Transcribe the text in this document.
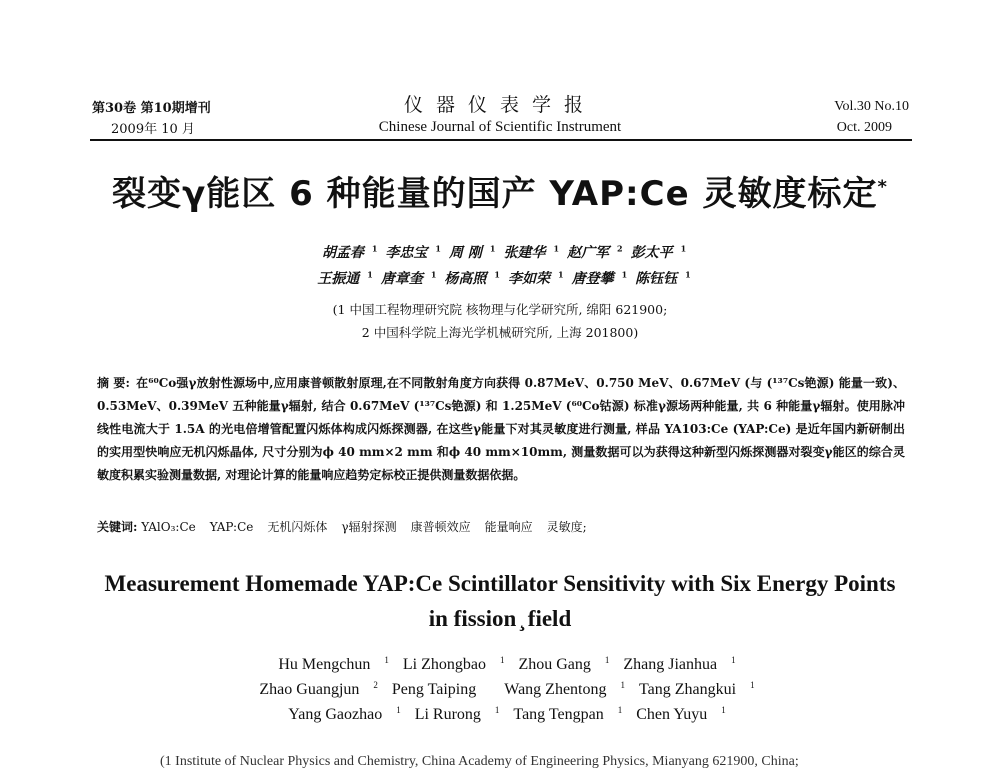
第30卷 第10期增刊
2009年 10 月
仪器仪表学报
Chinese Journal of Scientific Instrument
Vol.30 No.10
Oct. 2009
裂变γ能区 6 种能量的国产 YAP:Ce 灵敏度标定*
胡孟春 $^1$ 李忠宝 $^1$ 周 刚 $^1$ 张建华 $^1$ 赵广军 $^2$ 彭太平 $^1$
王振通 $^1$ 唐章奎 $^1$ 杨高照 $^1$ 李如荣 $^1$ 唐登攀 $^1$ 陈钰钰 $^1$
(1 中国工程物理研究院 核物理与化学研究所, 绵阳 621900;
2 中国科学院上海光学机械研究所, 上海 201800)
摘 要: 在⁶⁰Co强γ放射性源场中,应用康普顿散射原理,在不同散射角度方向获得 0.87MeV、0.750 MeV、0.67MeV (与 (¹³⁷Cs铯源) 能量一致)、0.53MeV、0.39MeV 五种能量γ辐射, 结合 0.67MeV (¹³⁷Cs铯源) 和 1.25MeV (⁶⁰Co钴源) 标准γ源场两种能量, 共 6 种能量γ辐射。使用脉冲线性电流大于 1.5A 的光电倍增管配置闪烁体构成闪烁探测器, 在这些γ能量下对其灵敏度进行测量, 样品 YA103:Ce (YAP:Ce) 是近年国内新研制出的实用型快响应无机闪烁晶体, 尺寸分别为ϕ 40 mm×2 mm 和ϕ 40 mm×10mm, 测量数据可以为获得这种新型闪烁探测器对裂变γ能区的综合灵敏度积累实验测量数据, 对理论计算的能量响应趋势定标校正提供测量数据依据。
关键词: YAlO₃:Ce YAP:Ce 无机闪烁体 γ辐射探测 康普顿效应 能量响应 灵敏度;
Measurement Homemade YAP:Ce Scintillator Sensitivity with Six Energy Points
in fission ̧ field
Hu Mengchun $^1$ Li Zhongbao $^1$ Zhou Gang $^1$ Zhang Jianhua $^1$
Zhao Guangjun $^2$ Peng Taiping Wang Zhentong $^1$ Tang Zhangkui $^1$
Yang Gaozhao $^1$ Li Rurong $^1$ Tang Tengpan $^1$ Chen Yuyu $^1$
(1 Institute of Nuclear Physics and Chemistry, China Academy of Engineering Physics, Mianyang 621900, China;
